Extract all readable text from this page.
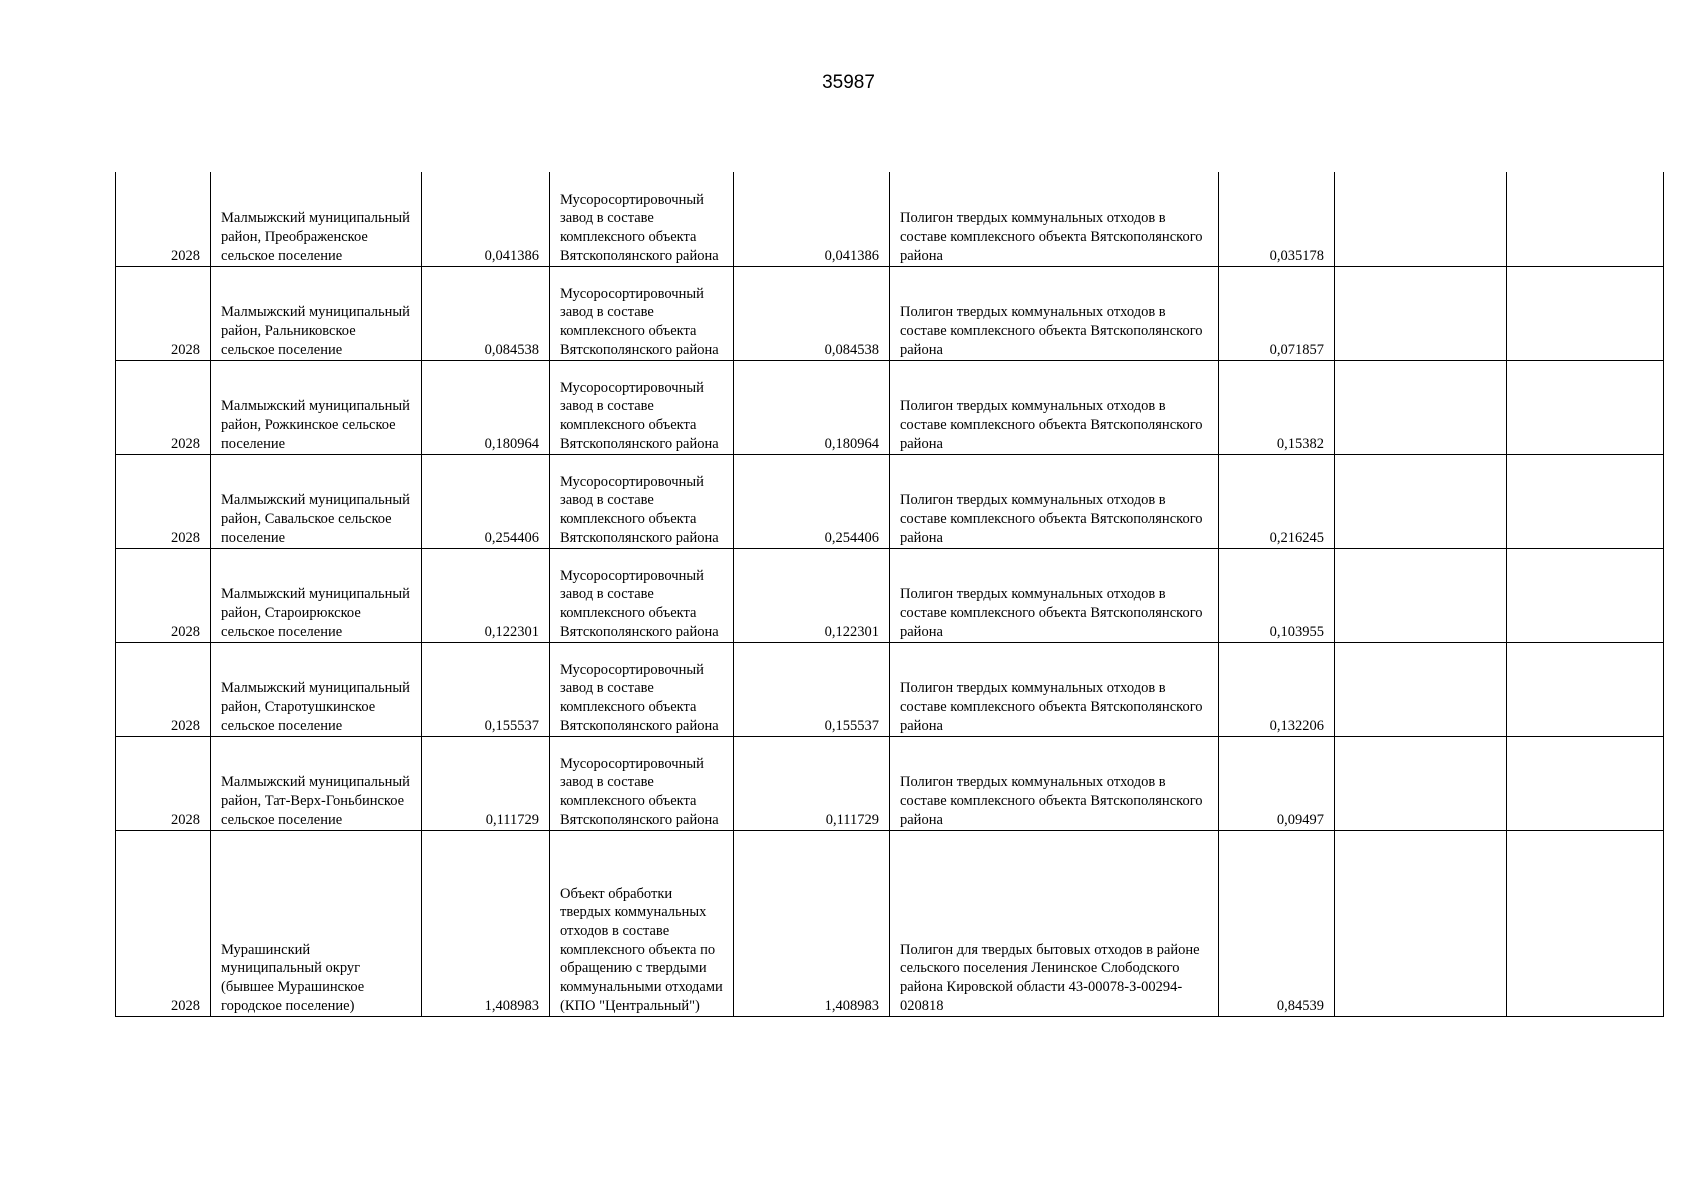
35987
2028	Малмыжский муниципальный район, Преображенское сельское поселение	0,041386	Мусоросортировочный завод в составе комплексного объекта Вятскополянского района	0,041386	Полигон твердых коммунальных отходов в составе комплексного объекта Вятскополянского района	0,035178		
2028	Малмыжский муниципальный район, Ральниковское сельское поселение	0,084538	Мусоросортировочный завод в составе комплексного объекта Вятскополянского района	0,084538	Полигон твердых коммунальных отходов в составе комплексного объекта Вятскополянского района	0,071857		
2028	Малмыжский муниципальный район, Рожкинское сельское поселение	0,180964	Мусоросортировочный завод в составе комплексного объекта Вятскополянского района	0,180964	Полигон твердых коммунальных отходов в составе комплексного объекта Вятскополянского района	0,15382		
2028	Малмыжский муниципальный район, Савальское сельское поселение	0,254406	Мусоросортировочный завод в составе комплексного объекта Вятскополянского района	0,254406	Полигон твердых коммунальных отходов в составе комплексного объекта Вятскополянского района	0,216245		
2028	Малмыжский муниципальный район, Староирюкское сельское поселение	0,122301	Мусоросортировочный завод в составе комплексного объекта Вятскополянского района	0,122301	Полигон твердых коммунальных отходов в составе комплексного объекта Вятскополянского района	0,103955		
2028	Малмыжский муниципальный район, Старотушкинское сельское поселение	0,155537	Мусоросортировочный завод в составе комплексного объекта Вятскополянского района	0,155537	Полигон твердых коммунальных отходов в составе комплексного объекта Вятскополянского района	0,132206		
2028	Малмыжский муниципальный район, Тат-Верх-Гоньбинское сельское поселение	0,111729	Мусоросортировочный завод в составе комплексного объекта Вятскополянского района	0,111729	Полигон твердых коммунальных отходов в составе комплексного объекта Вятскополянского района	0,09497		
2028	Мурашинский муниципальный округ (бывшее Мурашинское городское поселение)	1,408983	Объект обработки твердых коммунальных отходов в составе комплексного объекта по обращению с твердыми коммунальными отходами (КПО "Центральный")	1,408983	Полигон для твердых бытовых отходов в районе сельского поселения Ленинское Слободского района Кировской области 43-00078-З-00294-020818	0,84539		
